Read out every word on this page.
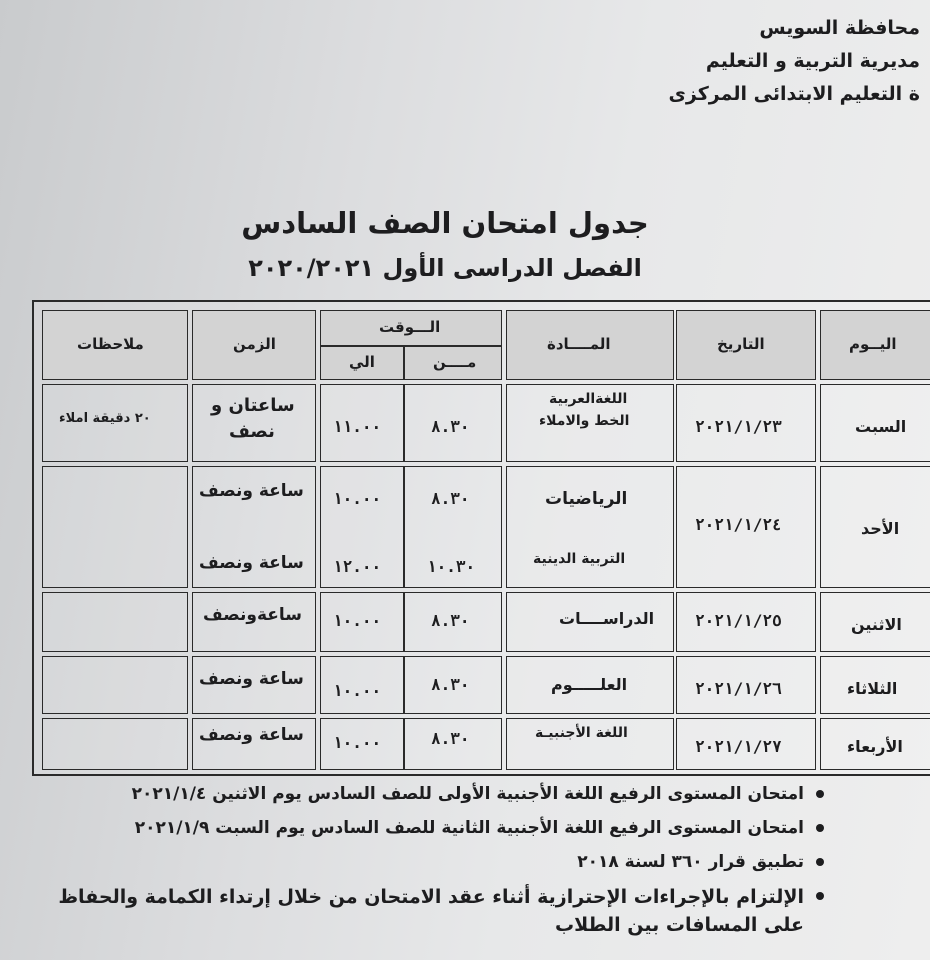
محافظة السويس
مديرية التربية و التعليم
ة التعليم الابتدائى المركزى
جدول امتحان الصف السادس
الفصل الدراسى الأول ٢٠٢٠/٢٠٢١
اليــوم
التاريخ
المــــادة
الـــوقت
مــــن
الي
الزمن
ملاحظات
السبت
٢٠٢١/١/٢٣
اللغةالعربية
الخط والاملاء
٨.٣٠
١١.٠٠
ساعتان و
نصف
٢٠ دقيقة املاء
الأحد
٢٠٢١/١/٢٤
الرياضيات
التربية الدينية
٨.٣٠
١٠.٣٠
١٠.٠٠
١٢.٠٠
ساعة ونصف
ساعة ونصف
الاثنين
٢٠٢١/١/٢٥
الدراســــات
٨.٣٠
١٠.٠٠
ساعةونصف
الثلاثاء
٢٠٢١/١/٢٦
العلـــــوم
٨.٣٠
١٠.٠٠
ساعة ونصف
الأربعاء
٢٠٢١/١/٢٧
اللغة الأجنبيـة
٨.٣٠
١٠.٠٠
ساعة ونصف
امتحان المستوى الرفيع اللغة الأجنبية الأولى للصف السادس يوم الاثنين ٢٠٢١/١/٤
امتحان المستوى الرفيع اللغة الأجنبية الثانية للصف السادس يوم السبت ٢٠٢١/١/٩
تطبيق قرار ٣٦٠ لسنة ٢٠١٨
الإلتزام بالإجراءات الإحترازية أثناء عقد الامتحان من خلال إرتداء الكمامة والحفاظ
على المسافات بين الطلاب
